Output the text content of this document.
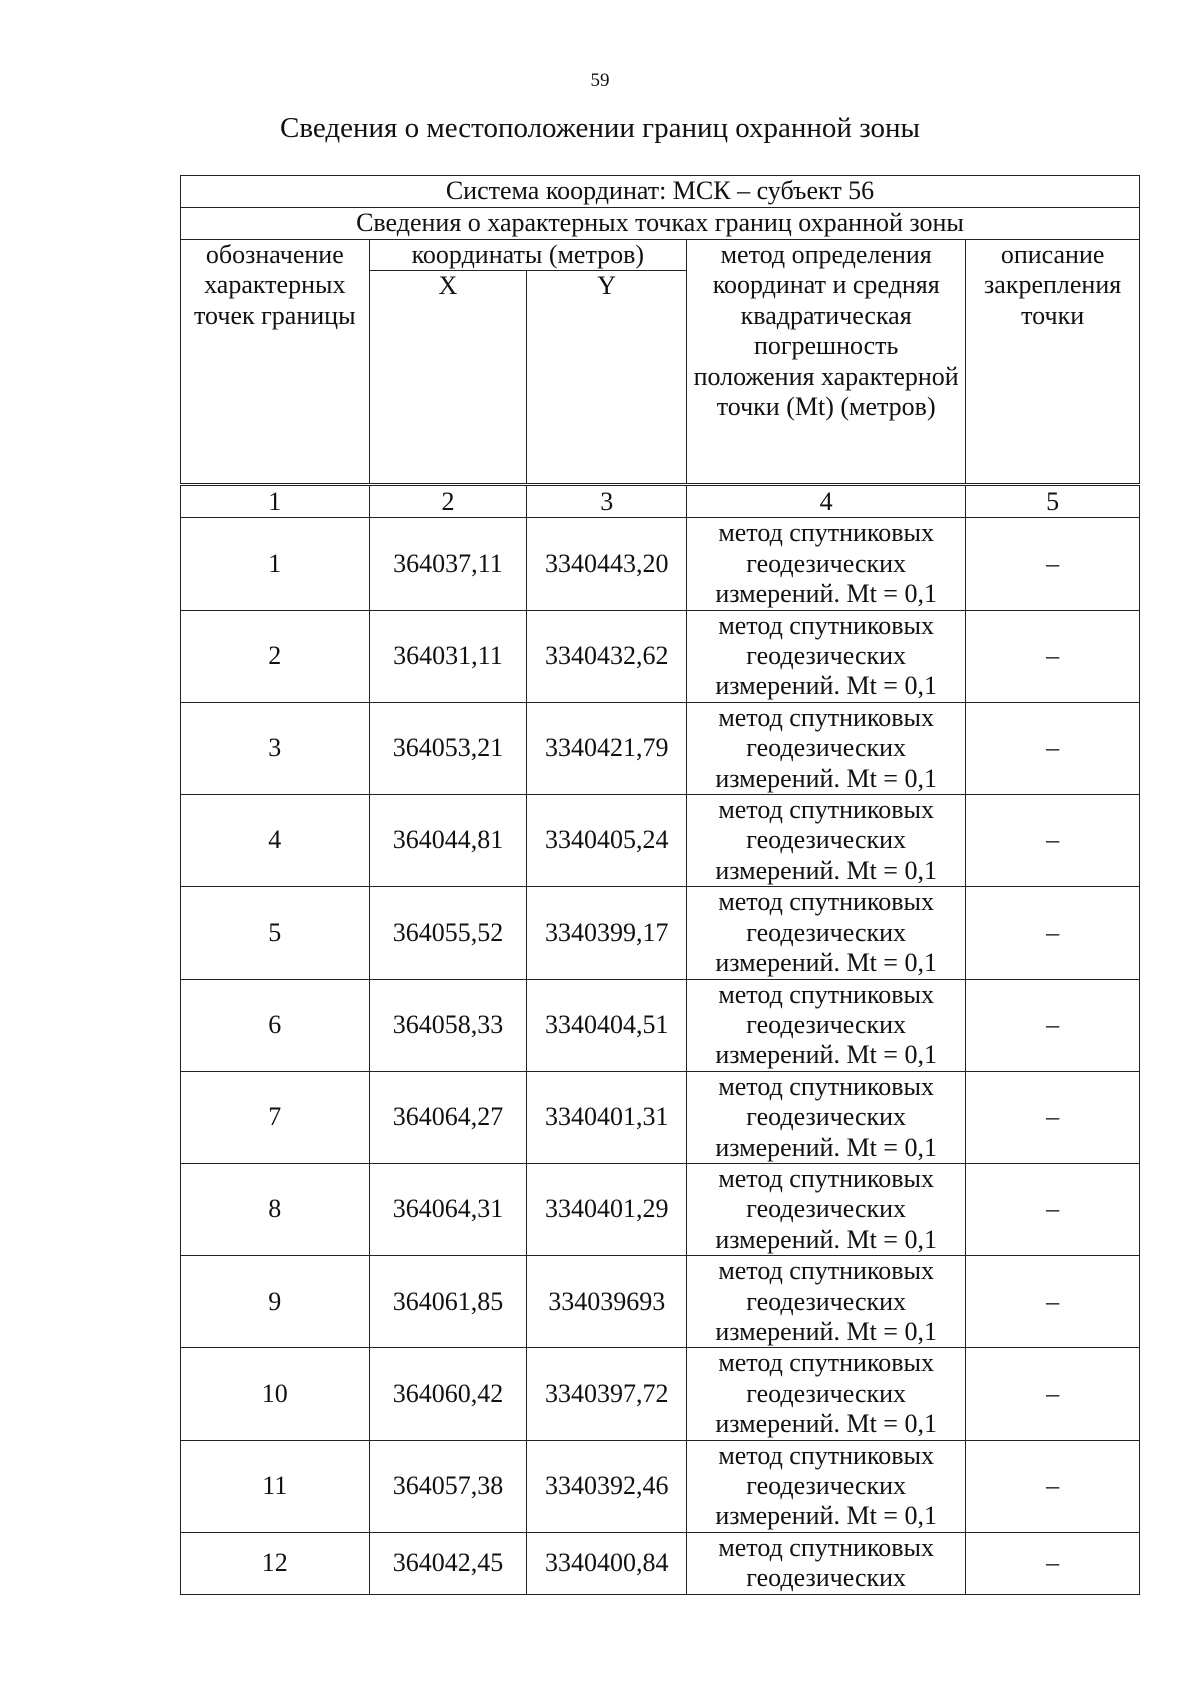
59
Сведения о местоположении границ охранной зоны
Система координат: МСК – субъект 56				
Сведения о характерных точках границ охранной зоны				
обозначение характерных точек границы	координаты (метров)		метод определения координат и средняя квадратическая погрешность положения характерной точки (Mt) (метров)	описание закрепления точки
	X	Y		
1	2	3	4	5
1	364037,11	3340443,20	метод спутниковых
геодезических
измерений. Mt = 0,1	–
2	364031,11	3340432,62	метод спутниковых
геодезических
измерений. Mt = 0,1	–
3	364053,21	3340421,79	метод спутниковых
геодезических
измерений. Mt = 0,1	–
4	364044,81	3340405,24	метод спутниковых
геодезических
измерений. Mt = 0,1	–
5	364055,52	3340399,17	метод спутниковых
геодезических
измерений. Mt = 0,1	–
6	364058,33	3340404,51	метод спутниковых
геодезических
измерений. Mt = 0,1	–
7	364064,27	3340401,31	метод спутниковых
геодезических
измерений. Mt = 0,1	–
8	364064,31	3340401,29	метод спутниковых
геодезических
измерений. Mt = 0,1	–
9	364061,85	334039693	метод спутниковых
геодезических
измерений. Mt = 0,1	–
10	364060,42	3340397,72	метод спутниковых
геодезических
измерений. Mt = 0,1	–
11	364057,38	3340392,46	метод спутниковых
геодезических
измерений. Mt = 0,1	–
12	364042,45	3340400,84	метод спутниковых
геодезических	–
